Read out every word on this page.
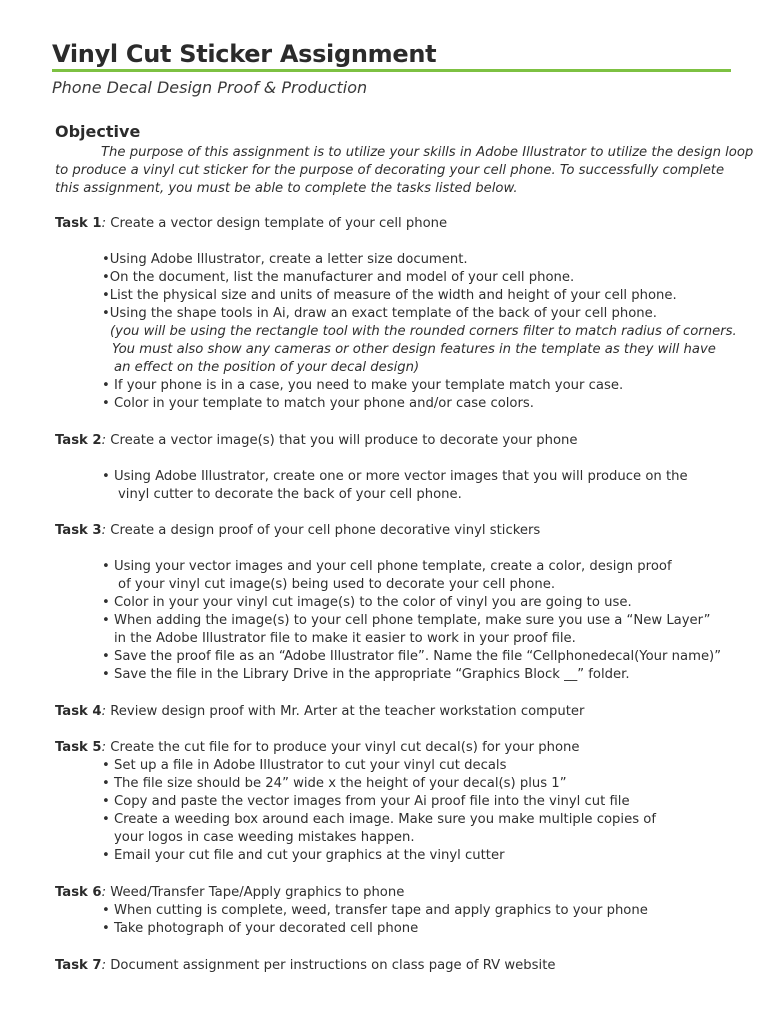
Vinyl Cut Sticker Assignment
Phone Decal Design Proof & Production
Objective
The purpose of this assignment is to utilize your skills in Adobe Illustrator to utilize the design loop
to produce a vinyl cut sticker for the purpose of decorating your cell phone. To successfully complete
this assignment, you must be able to complete the tasks listed below.
Task 1: Create a vector design template of your cell phone
•Using Adobe Illustrator, create a letter size document.
•On the document, list the manufacturer and model of your cell phone.
•List the physical size and units of measure of the width and height of your cell phone.
•Using the shape tools in Ai, draw an exact template of the back of your cell phone.
(you will be using the rectangle tool with the rounded corners filter to match radius of corners.
You must also show any cameras or other design features in the template as they will have
an effect on the position of your decal design)
• If your phone is in a case, you need to make your template match your case.
• Color in your template to match your phone and/or case colors.
Task 2: Create a vector image(s) that you will produce to decorate your phone
• Using Adobe Illustrator, create one or more vector images that you will produce on the
vinyl cutter to decorate the back of your cell phone.
Task 3: Create a design proof of your cell phone decorative vinyl stickers
• Using your vector images and your cell phone template, create a color, design proof
of your vinyl cut image(s) being used to decorate your cell phone.
• Color in your your vinyl cut image(s) to the color of vinyl you are going to use.
• When adding the image(s) to your cell phone template, make sure you use a “New Layer”
in the Adobe Illustrator file to make it easier to work in your proof file.
• Save the proof file as an “Adobe Illustrator file”. Name the file “Cellphonedecal(Your name)”
• Save the file in the Library Drive in the appropriate “Graphics Block __” folder.
Task 4: Review design proof with Mr. Arter at the teacher workstation computer
Task 5: Create the cut file for to produce your vinyl cut decal(s) for your phone
• Set up a file in Adobe Illustrator to cut your vinyl cut decals
• The file size should be 24” wide x the height of your decal(s) plus 1”
• Copy and paste the vector images from your Ai proof file into the vinyl cut file
• Create a weeding box around each image. Make sure you make multiple copies of
your logos in case weeding mistakes happen.
• Email your cut file and cut your graphics at the vinyl cutter
Task 6: Weed/Transfer Tape/Apply graphics to phone
• When cutting is complete, weed, transfer tape and apply graphics to your phone
• Take photograph of your decorated cell phone
Task 7: Document assignment per instructions on class page of RV website
